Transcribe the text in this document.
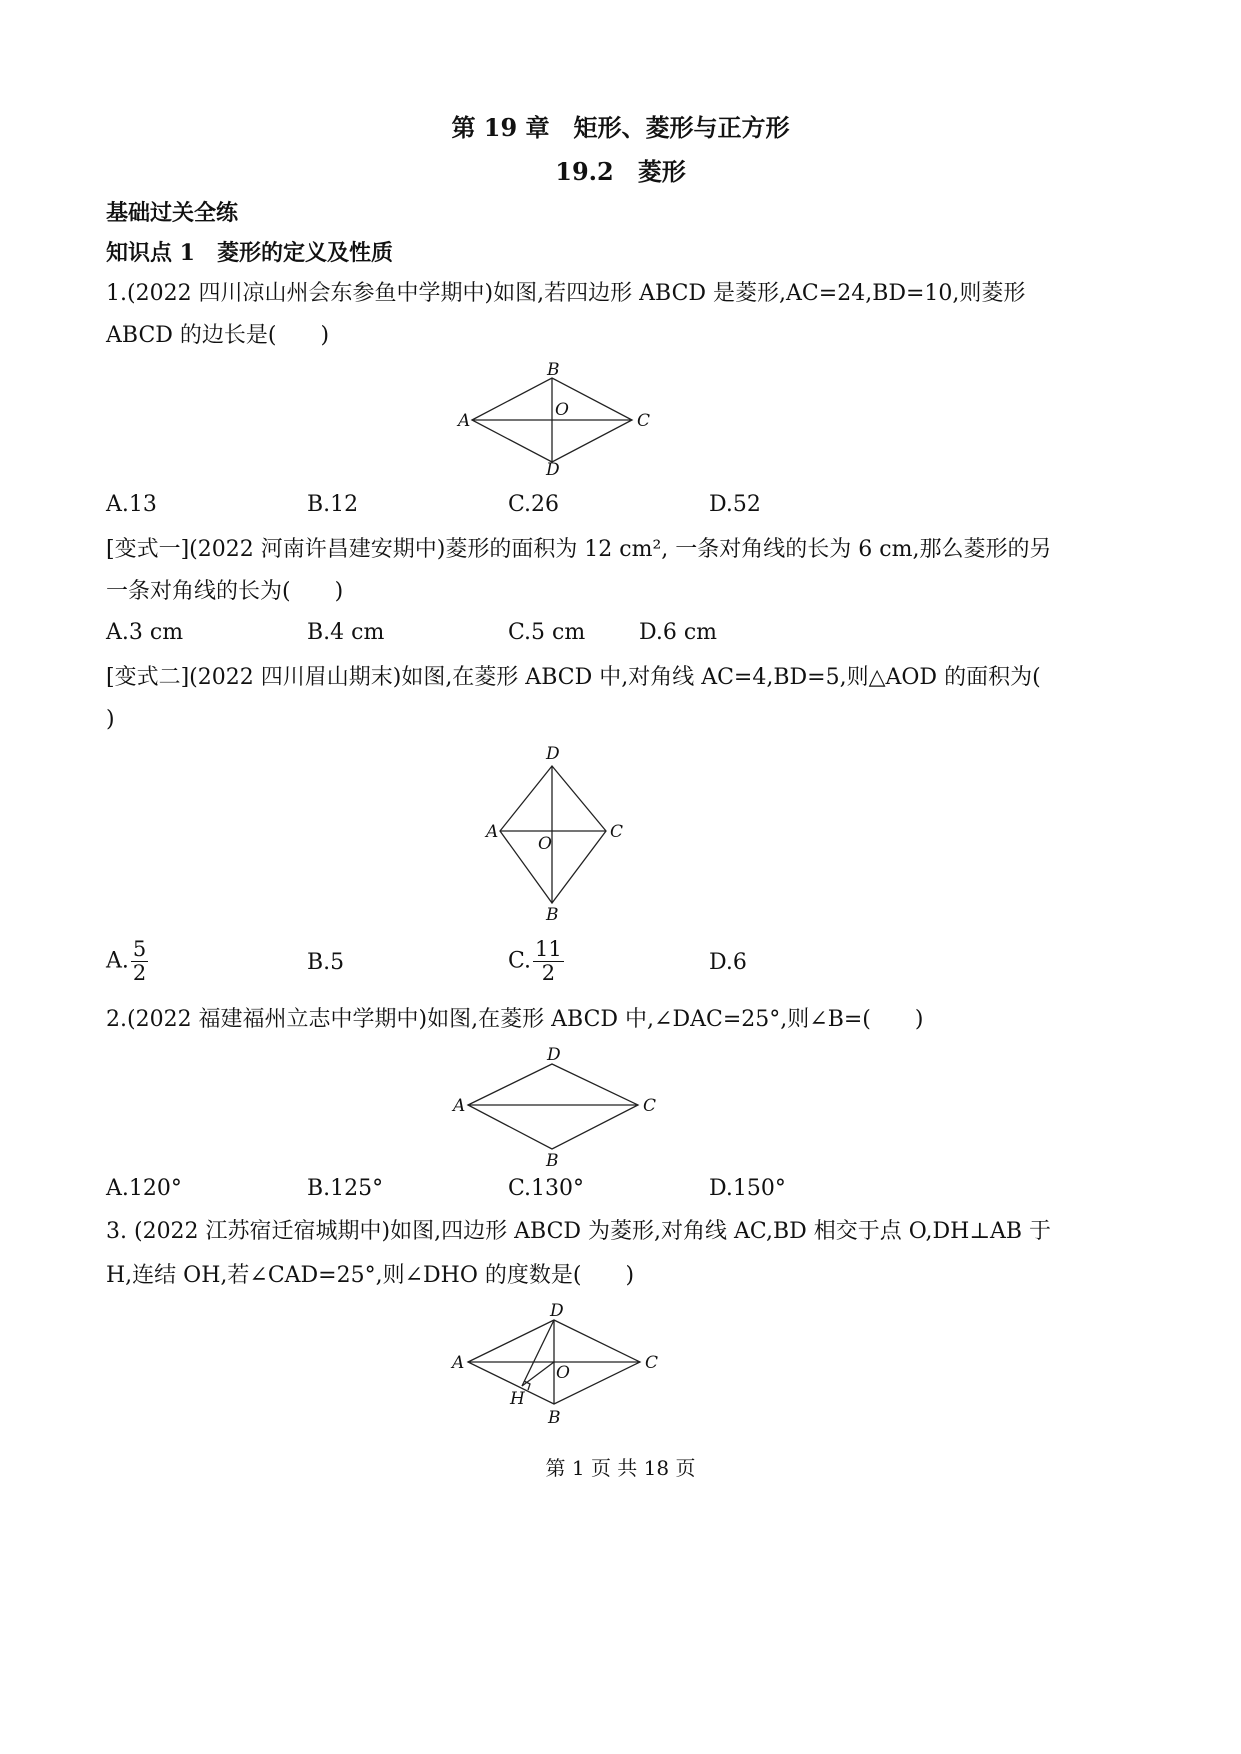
第 19 章　矩形、菱形与正方形
19.2　菱形
基础过关全练
知识点 1　菱形的定义及性质
1.(2022 四川凉山州会东参鱼中学期中)如图,若四边形 ABCD 是菱形,AC=24,BD=10,则菱形
ABCD 的边长是(　　)
B
A	C
D
O
A.13	B.12	C.26	D.52
[变式一](2022 河南许昌建安期中)菱形的面积为 12 cm², 一条对角线的长为 6 cm,那么菱形的另
一条对角线的长为(　　)
A.3 cm	B.4 cm	C.5 cm D.6 cm
[变式二](2022 四川眉山期末)如图,在菱形 ABCD 中,对角线 AC=4,BD=5,则△AOD 的面积为(
)
D
A	C
O
B
A. $\frac{5}{2}$	B.5	C. $\frac{11}{2}$	D.6
2.(2022 福建福州立志中学期中)如图,在菱形 ABCD 中,∠DAC=25°,则∠B=(　　)
D
A	C
B
A.120°	B.125°	C.130°	D.150°
3. (2022 江苏宿迁宿城期中)如图,四边形 ABCD 为菱形,对角线 AC,BD 相交于点 O,DH⊥AB 于
H,连结 OH,若∠CAD=25°,则∠DHO 的度数是(　　)
D
A	C
O
H
B
第 1 页 共 18 页
